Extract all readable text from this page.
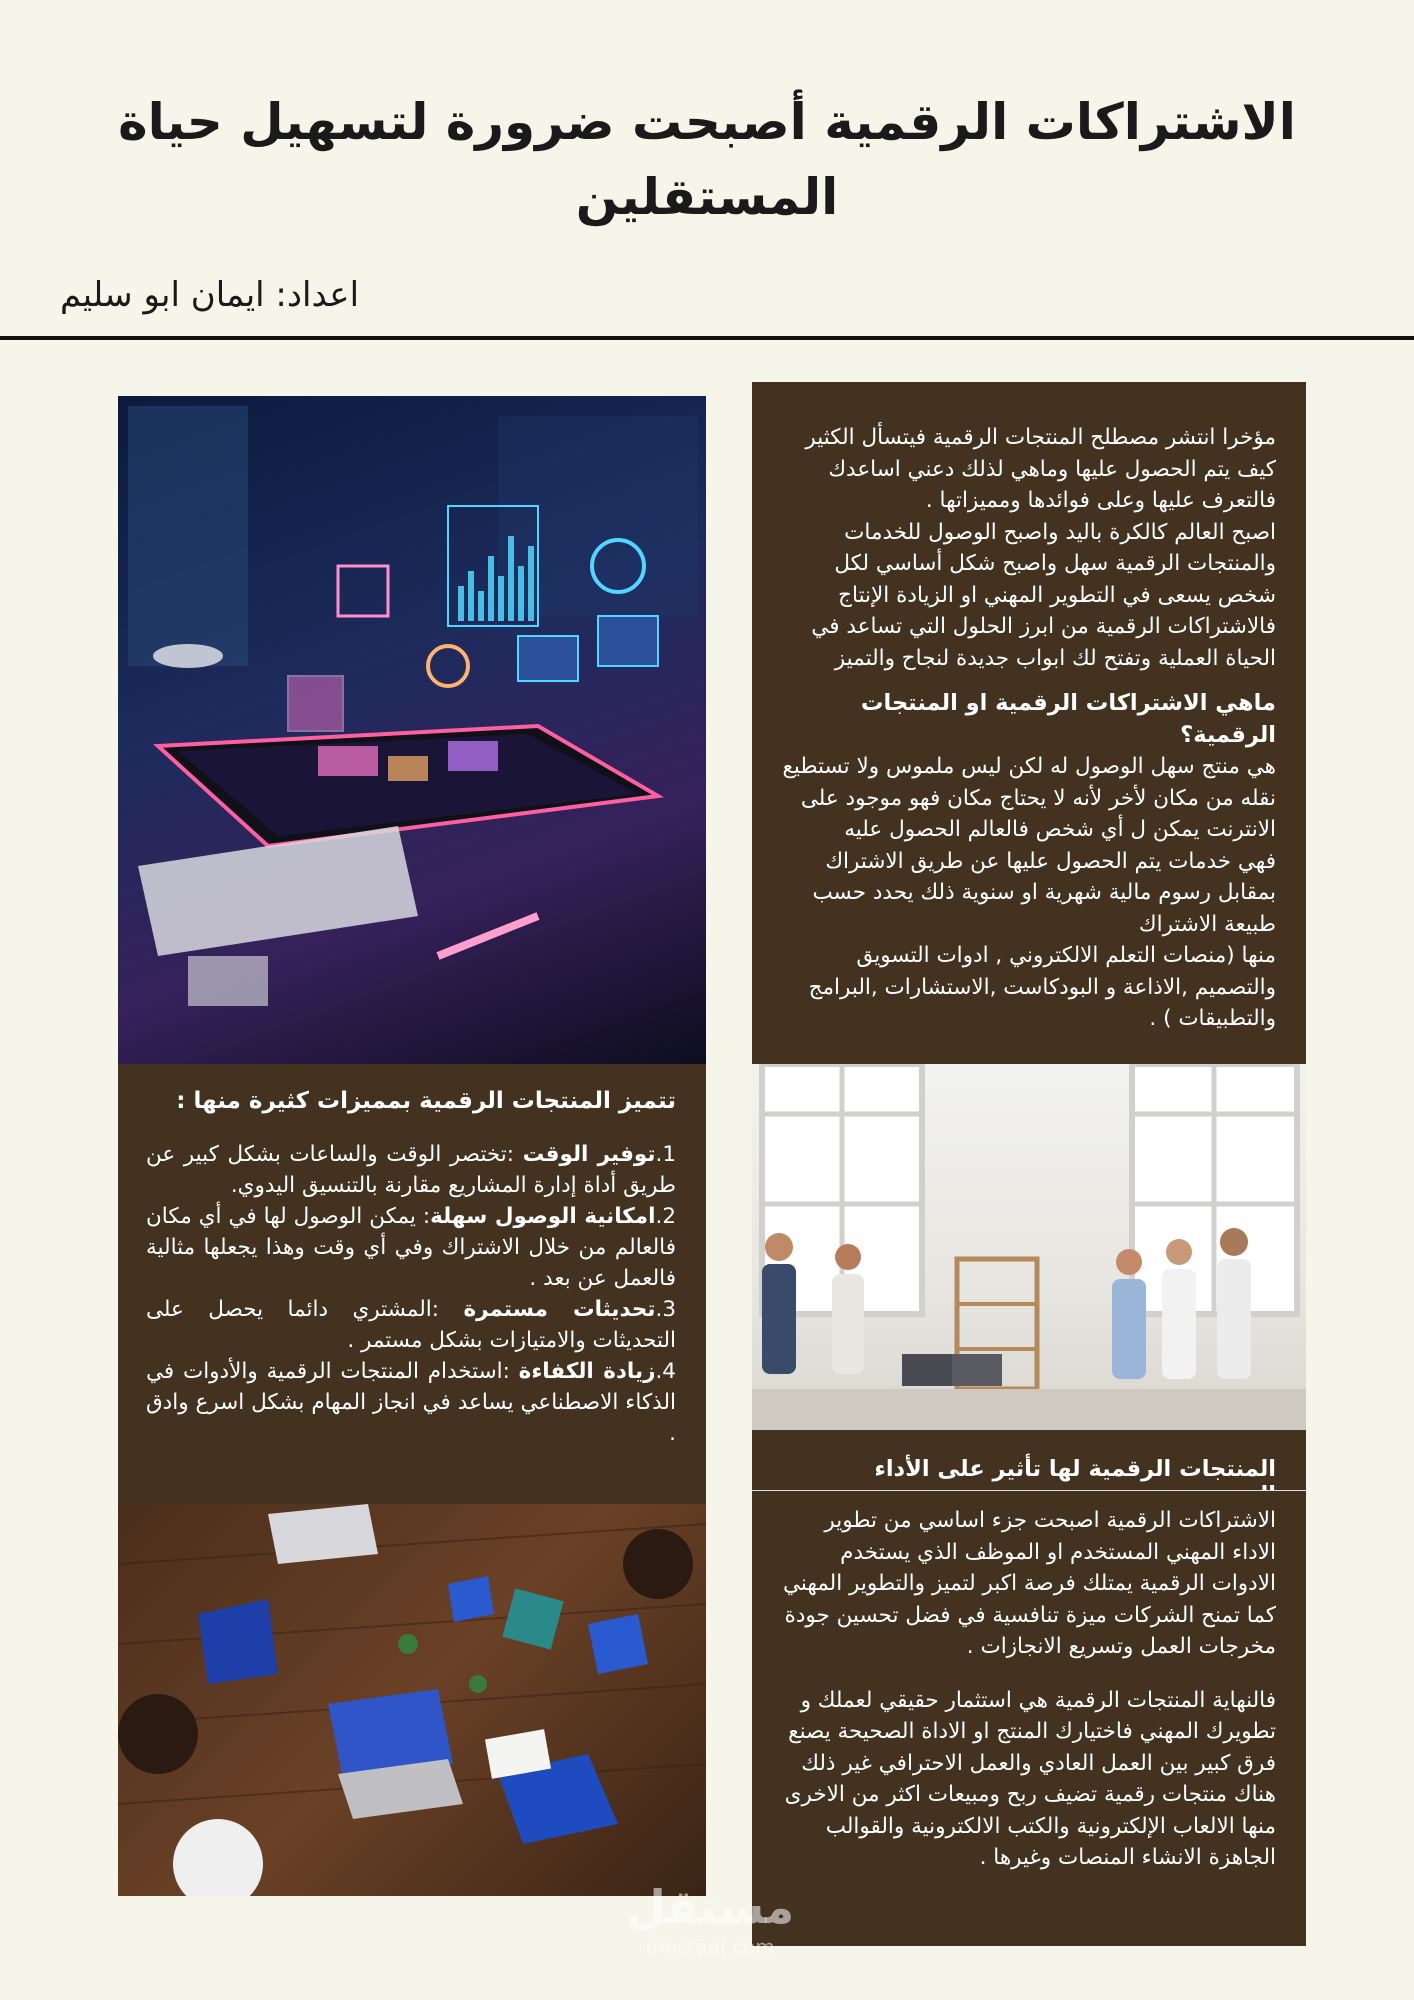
الاشتراكات الرقمية أصبحت ضرورة لتسهيل حياة
المستقلين
اعداد: ايمان ابو سليم

مؤخرا انتشر مصطلح المنتجات الرقمية فيتسأل الكثير كيف يتم الحصول عليها وماهي لذلك دعني اساعدك فالتعرف عليها وعلى فوائدها ومميزاتها .

اصبح العالم كالكرة باليد واصبح الوصول للخدمات والمنتجات الرقمية سهل واصبح شكل أساسي لكل شخص يسعى في التطوير المهني او الزيادة الإنتاج فالاشتراكات الرقمية من ابرز الحلول التي تساعد في الحياة العملية وتفتح لك ابواب جديدة لنجاح والتميز

ماهي الاشتراكات الرقمية او المنتجات الرقمية؟

هي منتج سهل الوصول له لكن ليس ملموس ولا تستطيع نقله من مكان لأخر لأنه لا يحتاج مكان فهو موجود على الانترنت يمكن ل أي شخص فالعالم الحصول عليه

فهي خدمات يتم الحصول عليها عن طريق الاشتراك بمقابل رسوم مالية شهرية او سنوية ذلك يحدد حسب طبيعة الاشتراك

منها (منصات التعلم الالكتروني , ادوات التسويق والتصميم ,الاذاعة و البودكاست ,الاستشارات ,البرامج والتطبيقات ) .

تتميز المنتجات الرقمية بمميزات كثيرة منها :

1.توفير الوقت :تختصر الوقت والساعات بشكل كبير عن طريق أداة إدارة المشاريع مقارنة بالتنسيق اليدوي.

2.امكانية الوصول سهلة: يمكن الوصول لها في أي مكان فالعالم من خلال الاشتراك وفي أي وقت وهذا يجعلها مثالية فالعمل عن بعد .

3.تحديثات مستمرة :المشتري دائما يحصل على التحديثات والامتيازات بشكل مستمر .

4.زيادة الكفاءة :استخدام المنتجات الرقمية والأدوات في الذكاء الاصطناعي يساعد في انجاز المهام بشكل اسرع وادق .

المنتجات الرقمية لها تأثير على الأداء

الاشتراكات الرقمية اصبحت جزء اساسي من تطوير الاداء المهني المستخدم او الموظف الذي يستخدم الادوات الرقمية يمتلك فرصة اكبر لتميز والتطوير المهني

كما تمنح الشركات ميزة تنافسية في فضل تحسين جودة مخرجات العمل وتسريع الانجازات .

فالنهاية المنتجات الرقمية هي استثمار حقيقي لعملك و تطويرك المهني فاختيارك المنتج او الاداة الصحيحة يصنع فرق كبير بين العمل العادي والعمل الاحترافي غير ذلك هناك منتجات رقمية تضيف ربح ومبيعات اكثر من الاخرى منها الالعاب الإلكترونية والكتب الالكترونية والقوالب الجاهزة الانشاء المنصات وغيرها .

مستقل
mostaql.com
